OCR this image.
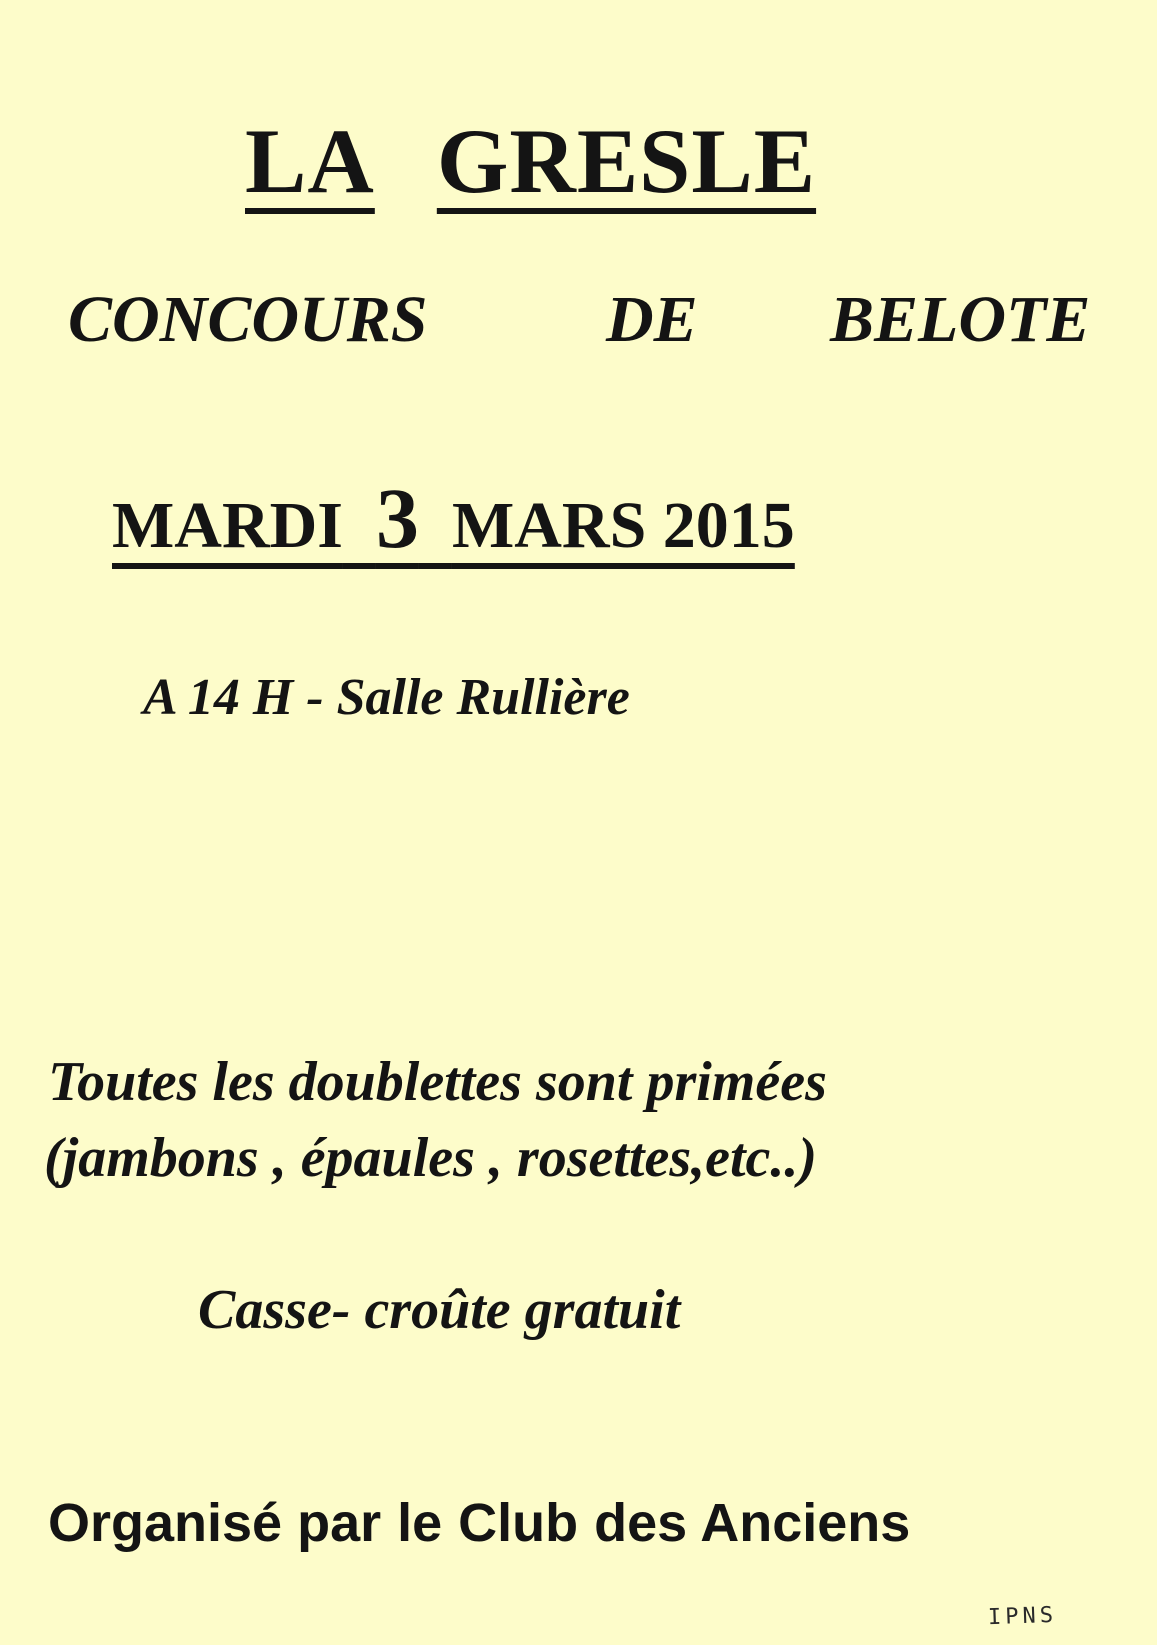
LA GRESLE
CONCOURS	DE BELOTE
MARDI 3 MARS 2015
A 14 H - Salle Rullière
Toutes les doublettes sont primées
(jambons , épaules , rosettes,etc..)
Casse- croûte gratuit
Organisé par le Club des Anciens
IPNS
